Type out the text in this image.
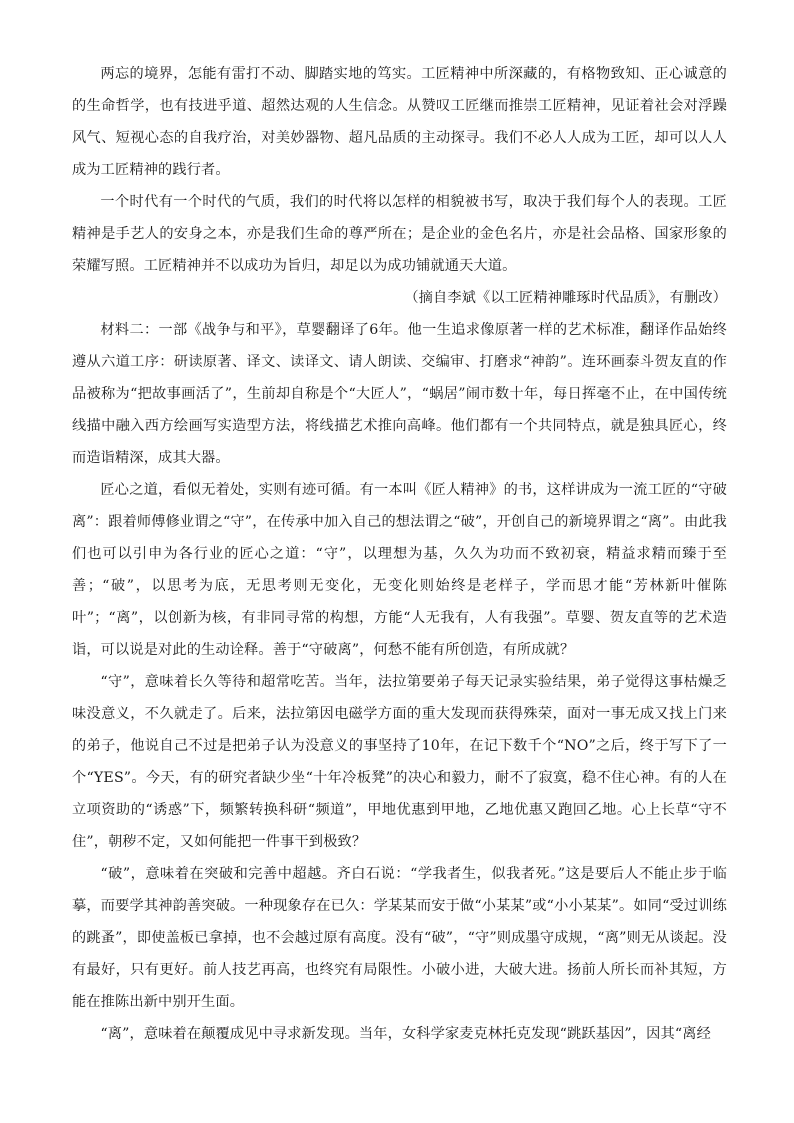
两忘的境界，怎能有雷打不动、脚踏实地的笃实。工匠精神中所深藏的，有格物致知、正心诚意的的生命哲学，也有技进乎道、超然达观的人生信念。从赞叹工匠继而推崇工匠精神，见证着社会对浮躁风气、短视心态的自我疗治，对美妙器物、超凡品质的主动探寻。我们不必人人成为工匠，却可以人人成为工匠精神的践行者。

一个时代有一个时代的气质，我们的时代将以怎样的相貌被书写，取决于我们每个人的表现。工匠精神是手艺人的安身之本，亦是我们生命的尊严所在；是企业的金色名片，亦是社会品格、国家形象的荣耀写照。工匠精神并不以成功为旨归，却足以为成功铺就通天大道。

（摘自李斌《以工匠精神雕琢时代品质》，有删改）

材料二：一部《战争与和平》，草婴翻译了6年。他一生追求像原著一样的艺术标准，翻译作品始终遵从六道工序：研读原著、译文、读译文、请人朗读、交编审、打磨求“神韵”。连环画泰斗贺友直的作品被称为“把故事画活了”，生前却自称是个“大匠人”，“蜗居”闹市数十年，每日挥毫不止，在中国传统线描中融入西方绘画写实造型方法，将线描艺术推向高峰。他们都有一个共同特点，就是独具匠心，终而造诣精深，成其大器。

匠心之道，看似无着处，实则有迹可循。有一本叫《匠人精神》的书，这样讲成为一流工匠的“守破离”：跟着师傅修业谓之“守”，在传承中加入自己的想法谓之“破”，开创自己的新境界谓之“离”。由此我们也可以引申为各行业的匠心之道：“守”，以理想为基，久久为功而不致初衰，精益求精而臻于至善；“破”，以思考为底，无思考则无变化，无变化则始终是老样子，学而思才能“芳林新叶催陈叶”；“离”，以创新为核，有非同寻常的构想，方能“人无我有，人有我强”。草婴、贺友直等的艺术造诣，可以说是对此的生动诠释。善于“守破离”，何愁不能有所创造，有所成就？

“守”，意味着长久等待和超常吃苦。当年，法拉第要弟子每天记录实验结果，弟子觉得这事枯燥乏味没意义，不久就走了。后来，法拉第因电磁学方面的重大发现而获得殊荣，面对一事无成又找上门来的弟子，他说自己不过是把弟子认为没意义的事坚持了10年，在记下数千个“NO”之后，终于写下了一个“YES”。今天，有的研究者缺少坐“十年冷板凳”的决心和毅力，耐不了寂寞，稳不住心神。有的人在立项资助的“诱惑”下，频繁转换科研“频道”，甲地优惠到甲地，乙地优惠又跑回乙地。心上长草“守不住”，朝秽不定，又如何能把一件事干到极致？

“破”，意味着在突破和完善中超越。齐白石说：“学我者生，似我者死。”这是要后人不能止步于临摹，而要学其神韵善突破。一种现象存在已久：学某某而安于做“小某某”或“小小某某”。如同“受过训练的跳蚤”，即使盖板已拿掉，也不会越过原有高度。没有“破”，“守”则成墨守成规，“离”则无从谈起。没有最好，只有更好。前人技艺再高，也终究有局限性。小破小进，大破大进。扬前人所长而补其短，方能在推陈出新中别开生面。

“离”，意味着在颠覆成见中寻求新发现。当年，女科学家麦克林托克发现“跳跃基因”，因其“离经
